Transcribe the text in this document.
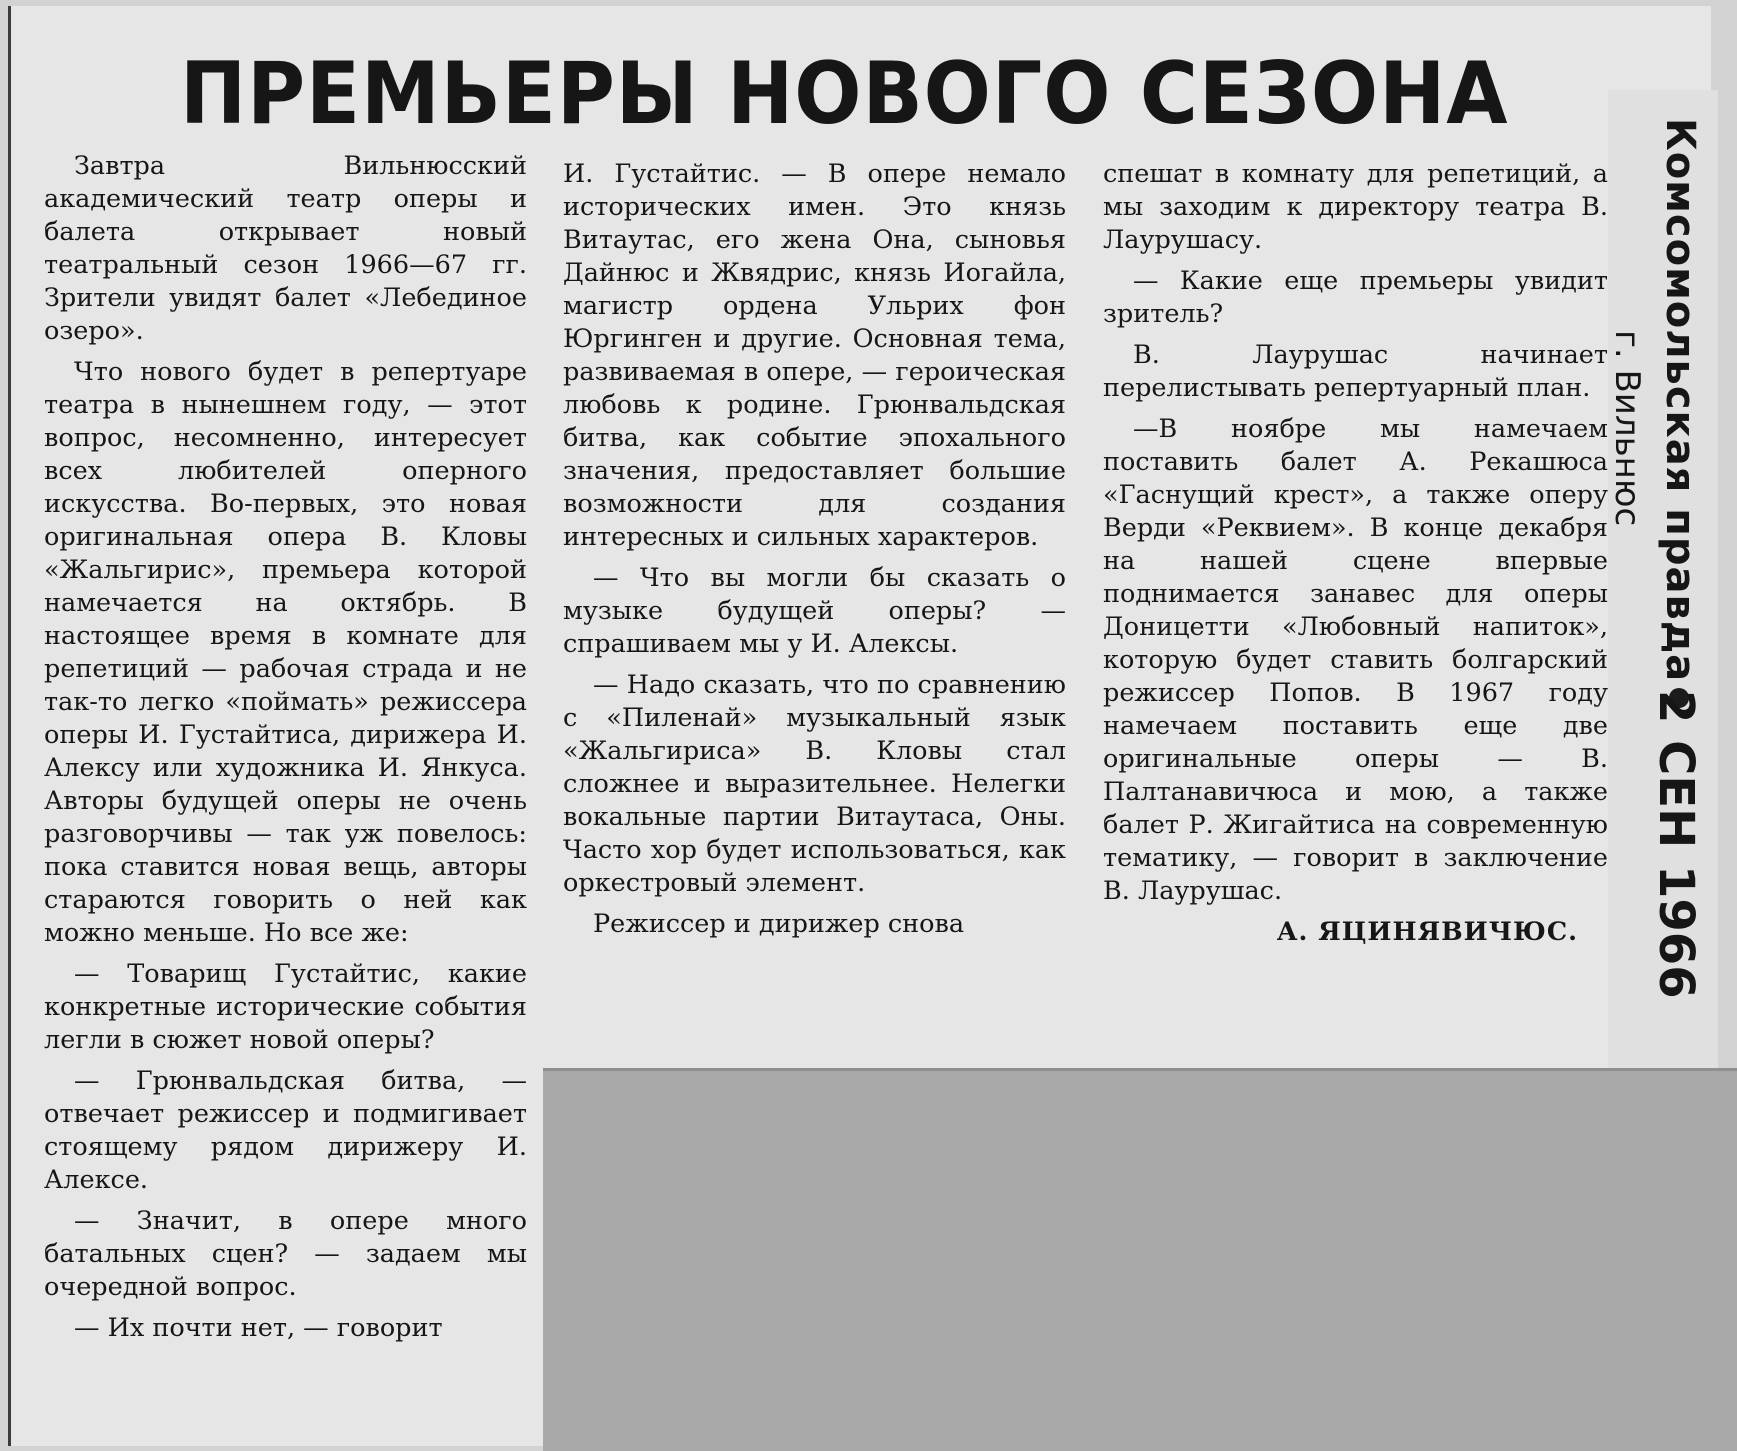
ПРЕМЬЕРЫ НОВОГО СЕЗОНА

Завтра Вильнюсский академический театр оперы и балета открывает новый театральный сезон 1966—67 гг. Зрители увидят балет «Лебединое озеро».

Что нового будет в репертуаре театра в нынешнем году, — этот вопрос, несомненно, интересует всех любителей оперного искусства. Во-первых, это новая оригинальная опера В. Кловы «Жальгирис», премьера которой намечается на октябрь. В настоящее время в комнате для репетиций — рабочая страда и не так-то легко «поймать» режиссера оперы И. Густайтиса, дирижера И. Алексу или художника И. Янкуса. Авторы будущей оперы не очень разговорчивы — так уж повелось: пока ставится новая вещь, авторы стараются говорить о ней как можно меньше. Но все же:

— Товарищ Густайтис, какие конкретные исторические события легли в сюжет новой оперы?

— Грюнвальдская битва, — отвечает режиссер и подмигивает стоящему рядом дирижеру И. Алексе.

— Значит, в опере много батальных сцен? — задаем мы очередной вопрос.

— Их почти нет, — говорит

И. Густайтис. — В опере немало исторических имен. Это князь Витаутас, его жена Она, сыновья Дайнюс и Жвядрис, князь Иогайла, магистр ордена Ульрих фон Юргинген и другие. Основная тема, развиваемая в опере, — героическая любовь к родине. Грюнвальдская битва, как событие эпохального значения, предоставляет большие возможности для создания интересных и сильных характеров.

— Что вы могли бы сказать о музыке будущей оперы? — спрашиваем мы у И. Алексы.

— Надо сказать, что по сравнению с «Пиленай» музыкальный язык «Жальгириса» В. Кловы стал сложнее и выразительнее. Нелегки вокальные партии Витаутаса, Оны. Часто хор будет использоваться, как оркестровый элемент.

Режиссер и дирижер снова

спешат в комнату для репетиций, а мы заходим к директору театра В. Лаурушасу.

— Какие еще премьеры увидит зритель?

В. Лаурушас начинает перелистывать репертуарный план.

—В ноябре мы намечаем поставить балет А. Рекашюса «Гаснущий крест», а также оперу Верди «Реквием». В конце декабря на нашей сцене впервые поднимается занавес для оперы Доницетти «Любовный напиток», которую будет ставить болгарский режиссер Попов. В 1967 году намечаем поставить еще две оригинальные оперы — В. Палтанавичюса и мою, а также балет Р. Жигайтиса на современную тематику, — говорит в заключение В. Лаурушас.

А. ЯЦИНЯВИЧЮС.

Комсомольская правда
г. Вильнюс
2 СЕН 1966
